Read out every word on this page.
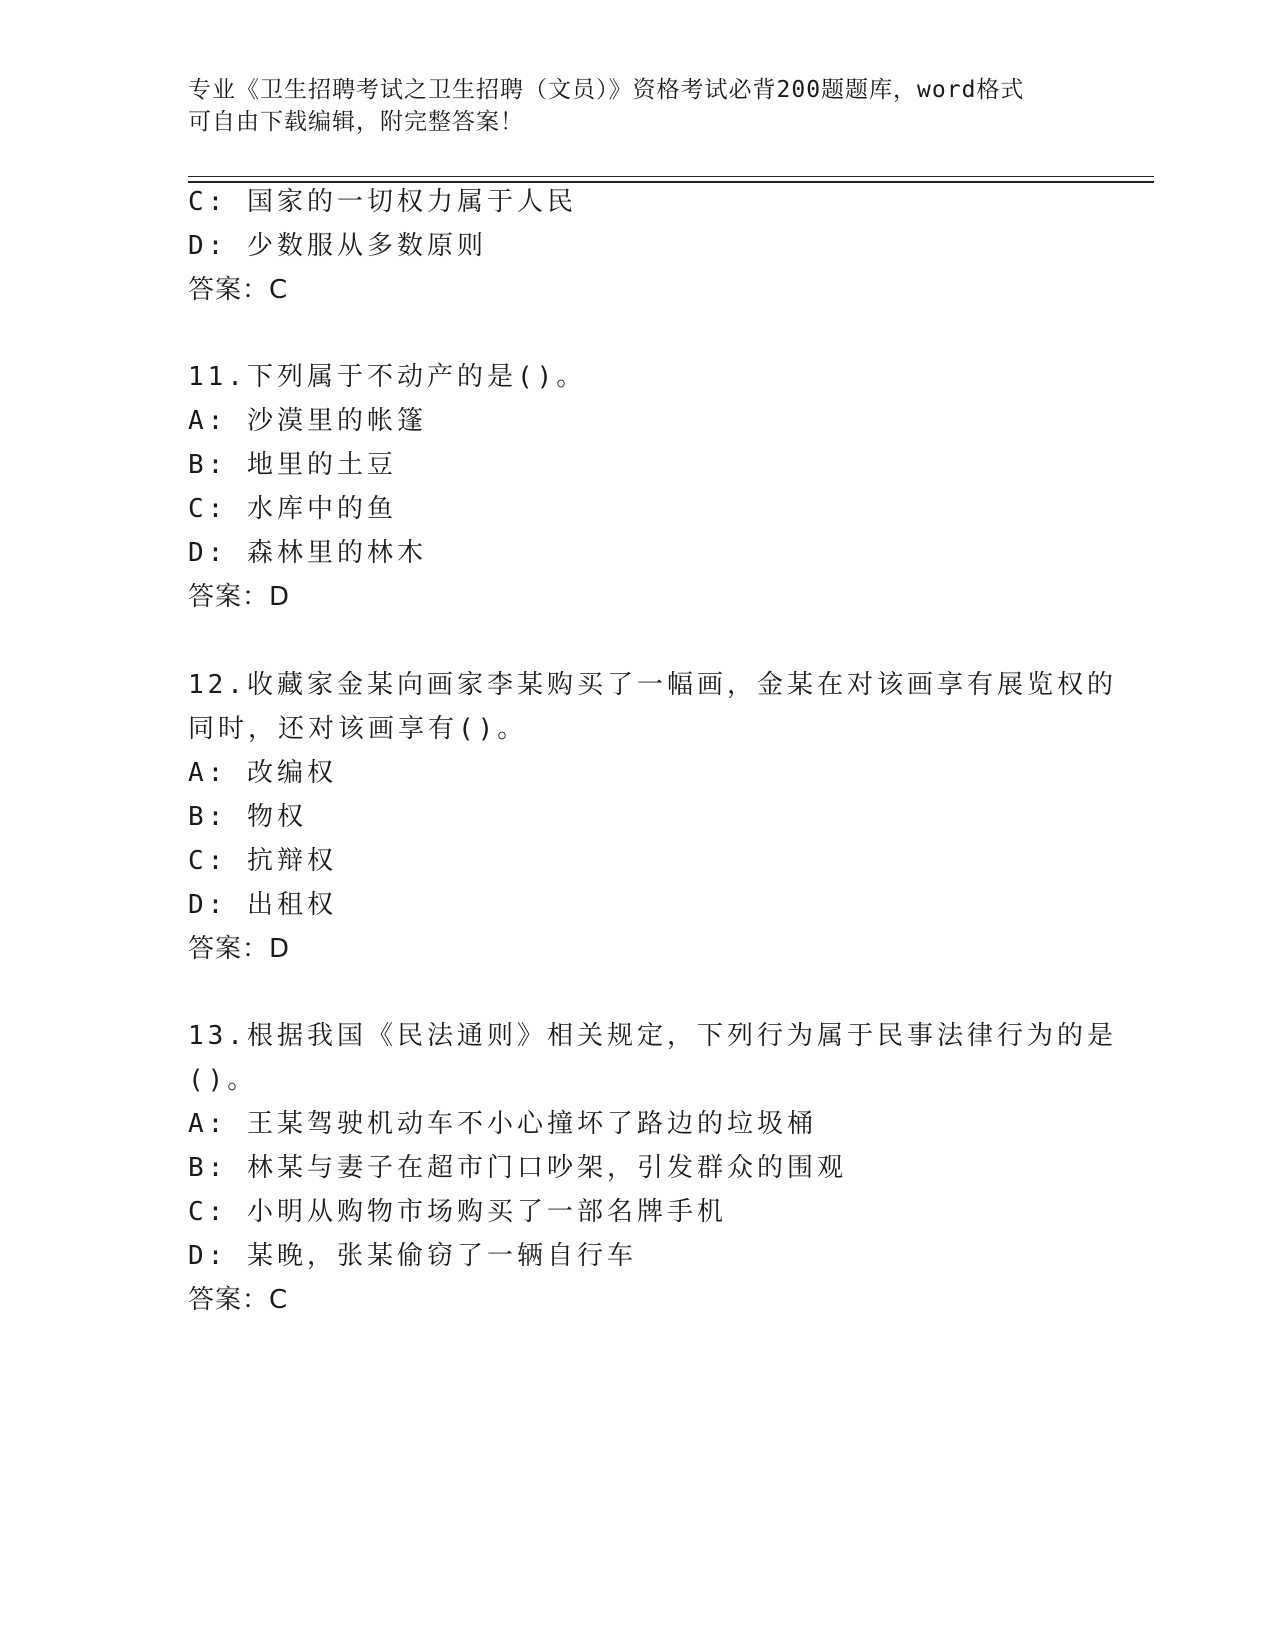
专业《卫生招聘考试之卫生招聘（文员）》资格考试必背200题题库，word格式
可自由下载编辑，附完整答案！
C: 国家的一切权力属于人民
D: 少数服从多数原则
答案：C
11.下列属于不动产的是()。
A: 沙漠里的帐篷
B: 地里的土豆
C: 水库中的鱼
D: 森林里的林木
答案：D
12.收藏家金某向画家李某购买了一幅画，金某在对该画享有展览权的
同时，还对该画享有()。
A: 改编权
B: 物权
C: 抗辩权
D: 出租权
答案：D
13.根据我国《民法通则》相关规定，下列行为属于民事法律行为的是
()。
A: 王某驾驶机动车不小心撞坏了路边的垃圾桶
B: 林某与妻子在超市门口吵架，引发群众的围观
C: 小明从购物市场购买了一部名牌手机
D: 某晚，张某偷窃了一辆自行车
答案：C
